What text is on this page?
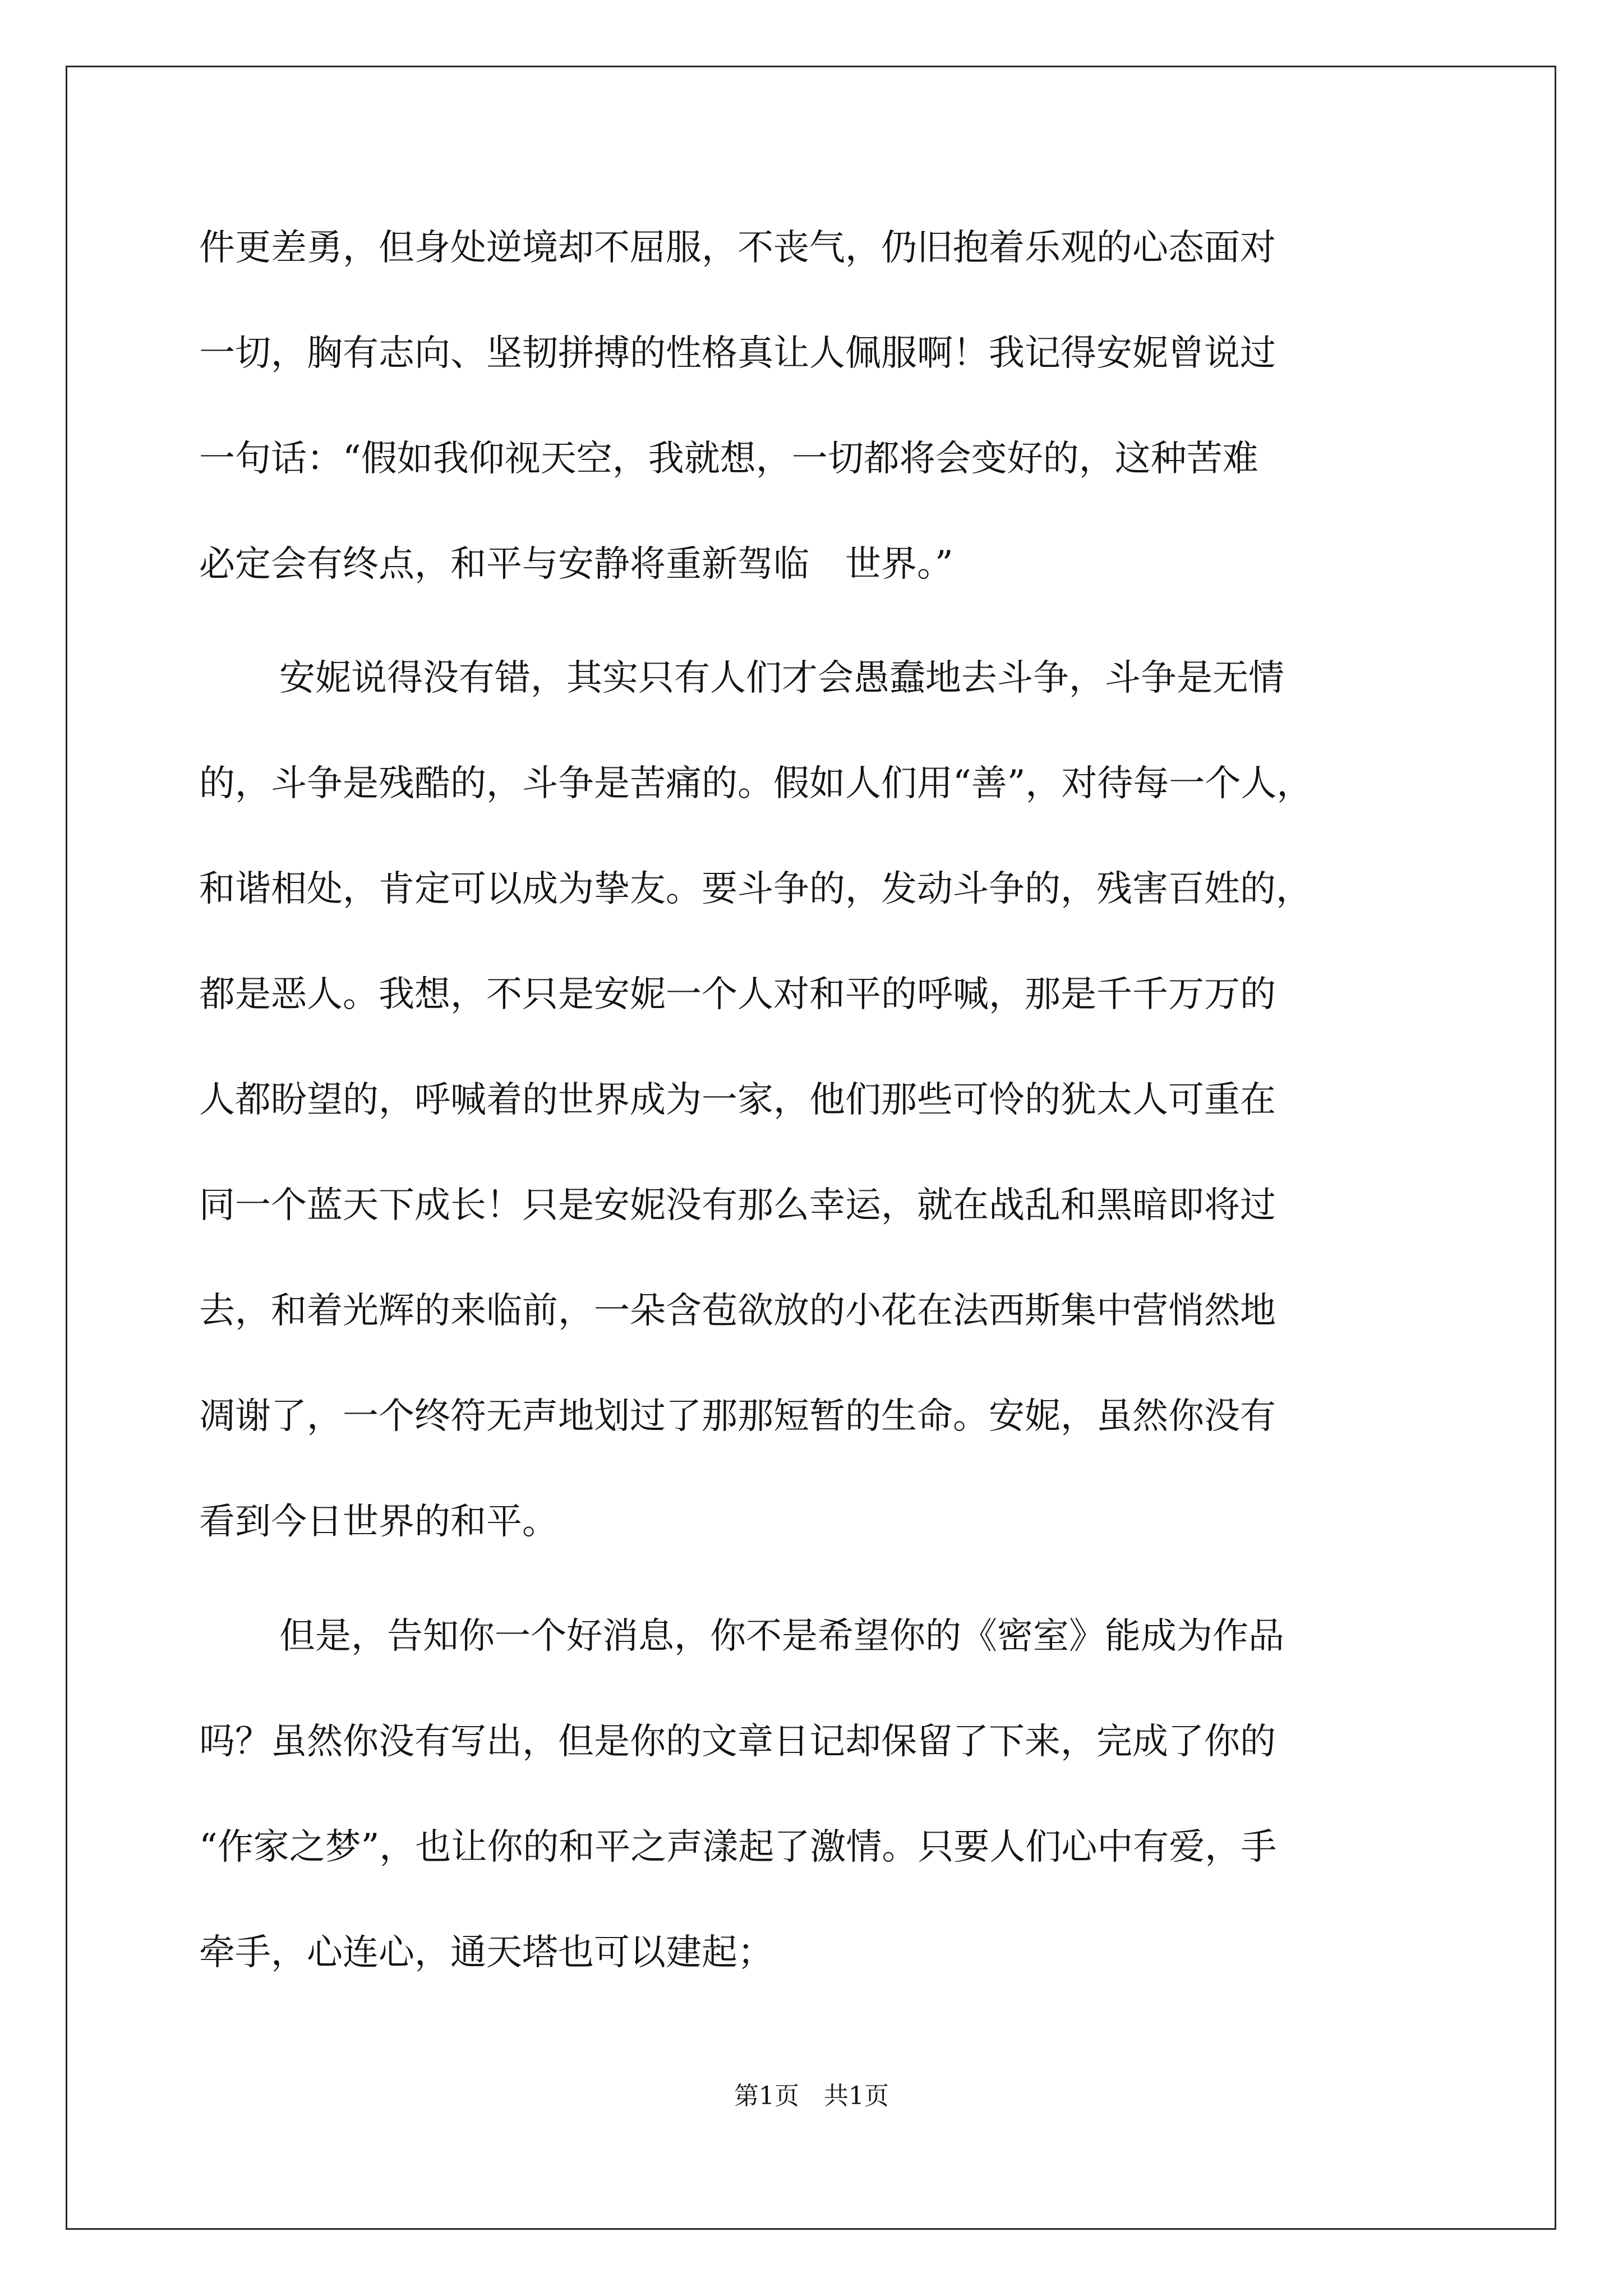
件更差勇，但身处逆境却不屈服，不丧气，仍旧抱着乐观的心态面对
一切，胸有志向、坚韧拼搏的性格真让人佩服啊！我记得安妮曾说过
一句话：“假如我仰视天空，我就想，一切都将会变好的，这种苦难
必定会有终点，和平与安静将重新驾临　世界。”
安妮说得没有错，其实只有人们才会愚蠢地去斗争，斗争是无情
的，斗争是残酷的，斗争是苦痛的。假如人们用“善”，对待每一个人，
和谐相处，肯定可以成为挚友。要斗争的，发动斗争的，残害百姓的，
都是恶人。我想，不只是安妮一个人对和平的呼喊，那是千千万万的
人都盼望的，呼喊着的世界成为一家，他们那些可怜的犹太人可重在
同一个蓝天下成长！只是安妮没有那么幸运，就在战乱和黑暗即将过
去，和着光辉的来临前，一朵含苞欲放的小花在法西斯集中营悄然地
凋谢了，一个终符无声地划过了那那短暂的生命。安妮，虽然你没有
看到今日世界的和平。
但是，告知你一个好消息，你不是希望你的《密室》能成为作品
吗？虽然你没有写出，但是你的文章日记却保留了下来，完成了你的
“作家之梦”，也让你的和平之声漾起了激情。只要人们心中有爱，手
牵手，心连心，通天塔也可以建起；
第1页　共1页
